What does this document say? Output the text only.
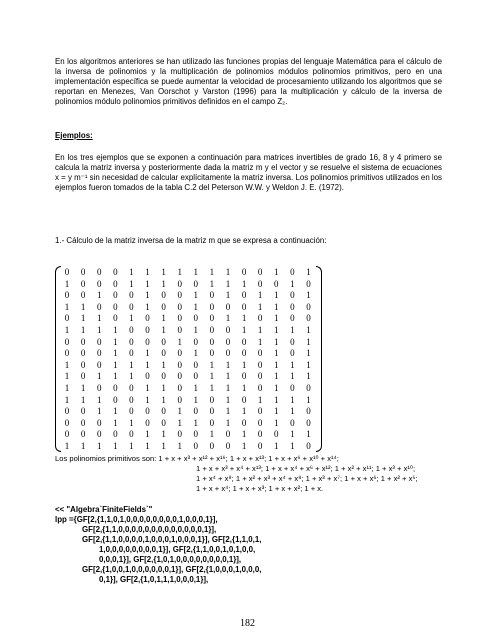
En los algoritmos anteriores se han utilizado las funciones propias del lenguaje Matemática para el cálculo de la inversa de polinomios y la multiplicación de polinomios módulos polinomios primitivos, pero en una implementación específica se puede aumentar la velocidad de procesamiento utilizando los algoritmos que se reportan en Menezes, Van Oorschot y Varston (1996) para la multiplicación y cálculo de la inversa de polinomios módulo polinomios primitivos definidos en el campo Z₂.

Ejemplos:

En los tres ejemplos que se exponen a continuación para matrices invertibles de grado 16, 8 y 4 primero se calcula la matriz inversa y posteriormente dada la matriz m y el vector y se resuelve el sistema de ecuaciones x = y m⁻¹ sin necesidad de calcular explícitamente la matriz inversa. Los polinomios primitivos utilizados en los ejemplos fueron tomados de la tabla C.2 del Peterson W.W. y Weldon J. E. (1972).

1.- Cálculo de la matriz inversa de la matriz m que se expresa a continuación:

0	0	0	0	1	1	1	1	1	1	1	0	0	1	0	1
1	0	0	0	1	1	1	0	0	1	1	1	0	0	1	0
0	0	1	0	0	1	0	0	1	0	1	0	1	1	0	1
1	1	0	0	0	1	0	0	1	0	0	0	1	1	0	0
0	1	1	0	1	0	1	0	0	0	1	1	0	1	0	0
1	1	1	1	0	0	1	0	1	0	0	1	1	1	1	1
0	0	0	1	0	0	0	1	0	0	0	0	1	1	0	1
0	0	0	1	0	1	0	0	1	0	0	0	0	1	0	1
1	0	0	1	1	1	1	0	0	1	1	1	0	1	1	1
1	0	1	1	1	0	0	0	0	1	1	0	0	1	1	1
1	1	0	0	0	1	1	0	1	1	1	1	0	1	0	0
1	1	1	0	0	1	1	0	1	0	1	0	1	1	1	1
0	0	1	1	0	0	0	1	0	0	1	1	0	1	1	0
0	0	0	1	1	0	0	1	1	0	1	0	0	1	0	0
0	0	0	0	0	1	1	0	0	1	0	1	0	0	1	1
1	1	1	1	1	1	1	1	0	0	0	1	0	1	1	0

Los polinomios primitivos son: 1 + x + x³ + x¹² + x¹⁶; 1 + x + x¹³; 1 + x + x⁶ + x¹⁰ + x¹⁴;

1 + x + x³ + x⁴ + x¹³; 1 + x + x⁴ + x⁶ + x¹²; 1 + x² + x¹¹; 1 + x³ + x¹⁰;

1 + x⁴ + x⁹; 1 + x² + x³ + x⁴ + x⁸; 1 + x³ + x⁷; 1 + x + x⁶; 1 + x² + x⁵;

1 + x + x⁴; 1 + x + x³; 1 + x + x²; 1 + x.

<< "Algebra`FiniteFields`"

lpp ={GF[2,{1,1,0,1,0,0,0,0,0,0,0,0,1,0,0,0,1}],

GF[2,{1,1,0,0,0,0,0,0,0,0,0,0,0,0,0,1}],

GF[2,{1,1,0,0,0,0,1,0,0,0,1,0,0,0,1}], GF[2,{1,1,0,1,

1,0,0,0,0,0,0,0,0,1}], GF[2,{1,1,0,0,1,0,1,0,0,

0,0,0,1}], GF[2,{1,0,1,0,0,0,0,0,0,0,0,1}],

GF[2,{1,0,0,1,0,0,0,0,0,0,1}], GF[2,{1,0,0,0,1,0,0,0,

0,1}], GF[2,{1,0,1,1,1,0,0,0,1}],

182
